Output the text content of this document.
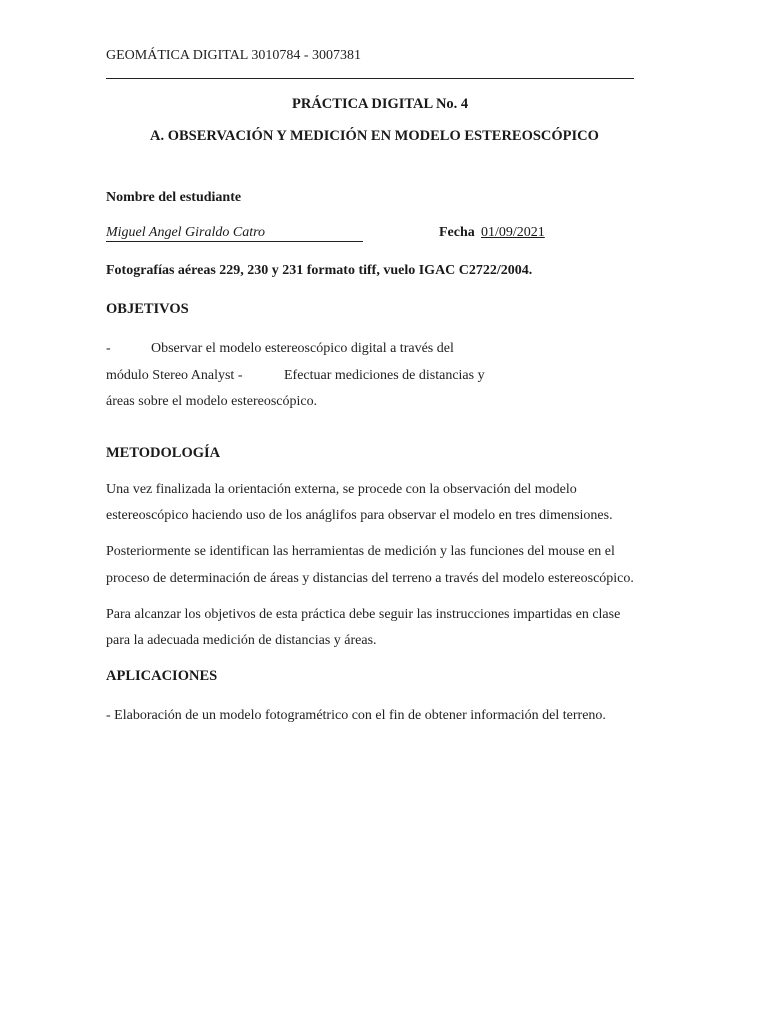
GEOMÁTICA DIGITAL 3010784 - 3007381
PRÁCTICA DIGITAL No. 4
A. OBSERVACIÓN Y MEDICIÓN EN MODELO ESTEREOSCÓPICO
Nombre del estudiante
Miguel Angel Giraldo Catro	Fecha 01/09/2021
Fotografías aéreas 229, 230 y 231 formato tiff, vuelo IGAC C2722/2004.
OBJETIVOS
-	Observar el modelo estereoscópico digital a través del
módulo Stereo Analyst -	Efectuar mediciones de distancias y
áreas sobre el modelo estereoscópico.
METODOLOGÍA
Una vez finalizada la orientación externa, se procede con la observación del modelo
estereoscópico haciendo uso de los anáglifos para observar el modelo en tres dimensiones.
Posteriormente se identifican las herramientas de medición y las funciones del mouse en el
proceso de determinación de áreas y distancias del terreno a través del modelo estereoscópico.
Para alcanzar los objetivos de esta práctica debe seguir las instrucciones impartidas en clase
para la adecuada medición de distancias y áreas.
APLICACIONES
- Elaboración de un modelo fotogramétrico con el fin de obtener información del terreno.
